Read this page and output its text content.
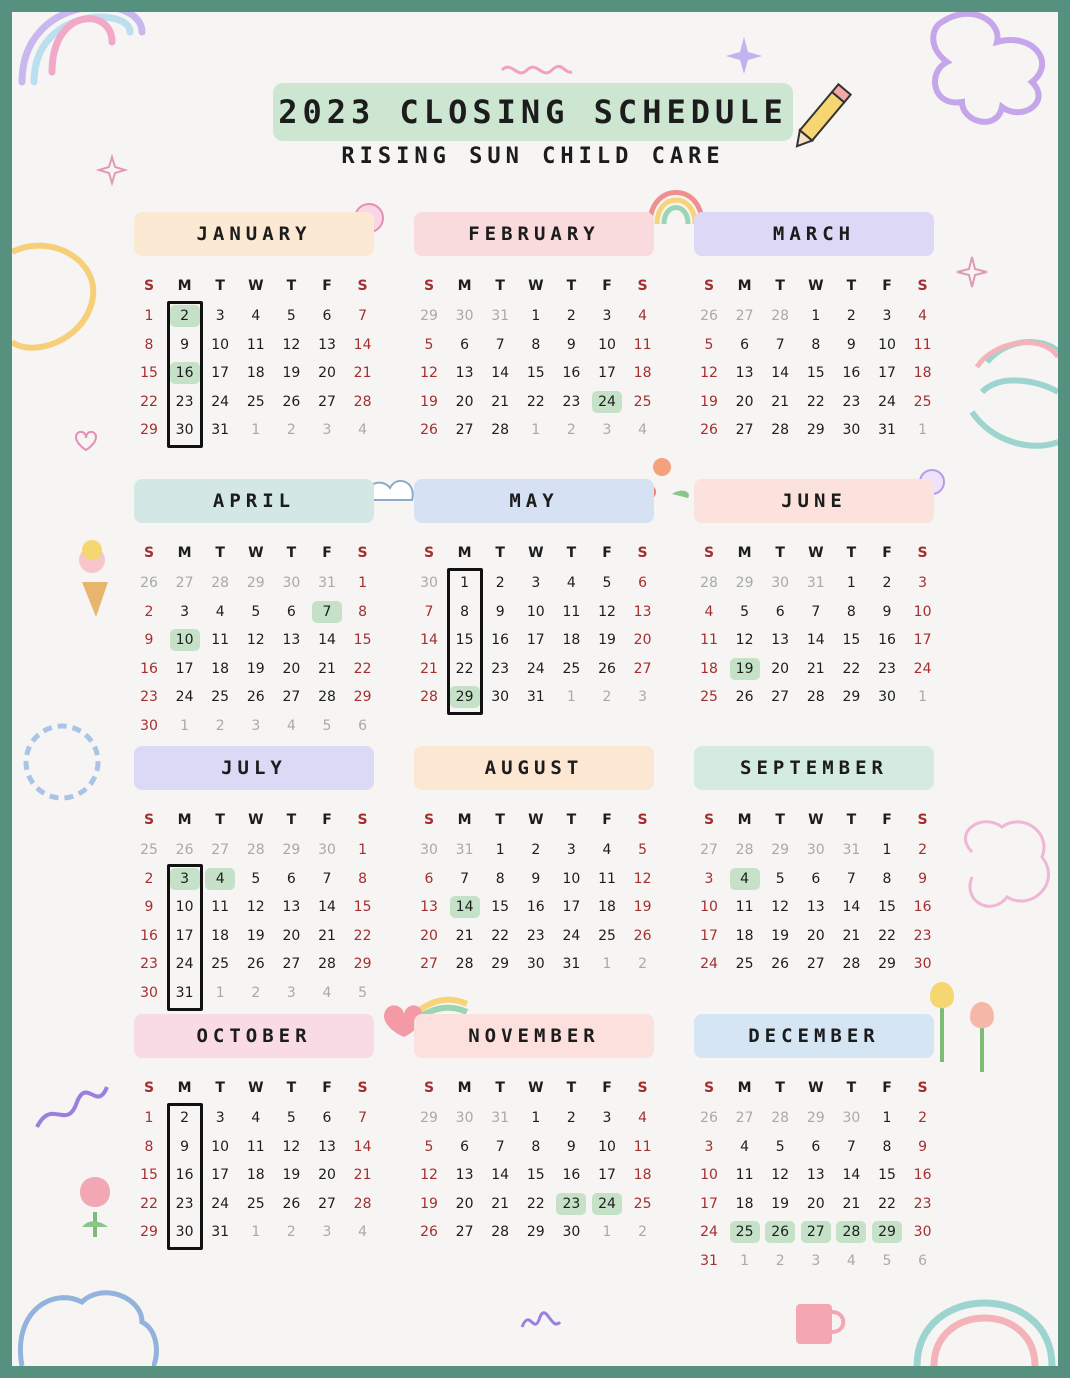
2023 CLOSING SCHEDULE
RISING SUN CHILD CARE
JANUARY
S	M	T	W	T	F	S
1	2	3	4	5	6	7
8	9	10	11	12	13	14
15	16	17	18	19	20	21
22	23	24	25	26	27	28
29	30	31	1	2	3	4
FEBRUARY
S	M	T	W	T	F	S
29	30	31	1	2	3	4
5	6	7	8	9	10	11
12	13	14	15	16	17	18
19	20	21	22	23	24	25
26	27	28	1	2	3	4
MARCH
S	M	T	W	T	F	S
26	27	28	1	2	3	4
5	6	7	8	9	10	11
12	13	14	15	16	17	18
19	20	21	22	23	24	25
26	27	28	29	30	31	1
APRIL
S	M	T	W	T	F	S
26	27	28	29	30	31	1
2	3	4	5	6	7	8
9	10	11	12	13	14	15
16	17	18	19	20	21	22
23	24	25	26	27	28	29
30	1	2	3	4	5	6
MAY
S	M	T	W	T	F	S
30	1	2	3	4	5	6
7	8	9	10	11	12	13
14	15	16	17	18	19	20
21	22	23	24	25	26	27
28	29	30	31	1	2	3
JUNE
S	M	T	W	T	F	S
28	29	30	31	1	2	3
4	5	6	7	8	9	10
11	12	13	14	15	16	17
18	19	20	21	22	23	24
25	26	27	28	29	30	1
JULY
S	M	T	W	T	F	S
25	26	27	28	29	30	1
2	3	4	5	6	7	8
9	10	11	12	13	14	15
16	17	18	19	20	21	22
23	24	25	26	27	28	29
30	31	1	2	3	4	5
AUGUST
S	M	T	W	T	F	S
30	31	1	2	3	4	5
6	7	8	9	10	11	12
13	14	15	16	17	18	19
20	21	22	23	24	25	26
27	28	29	30	31	1	2
SEPTEMBER
S	M	T	W	T	F	S
27	28	29	30	31	1	2
3	4	5	6	7	8	9
10	11	12	13	14	15	16
17	18	19	20	21	22	23
24	25	26	27	28	29	30
OCTOBER
S	M	T	W	T	F	S
1	2	3	4	5	6	7
8	9	10	11	12	13	14
15	16	17	18	19	20	21
22	23	24	25	26	27	28
29	30	31	1	2	3	4
NOVEMBER
S	M	T	W	T	F	S
29	30	31	1	2	3	4
5	6	7	8	9	10	11
12	13	14	15	16	17	18
19	20	21	22	23	24	25
26	27	28	29	30	1	2
DECEMBER
S	M	T	W	T	F	S
26	27	28	29	30	1	2
3	4	5	6	7	8	9
10	11	12	13	14	15	16
17	18	19	20	21	22	23
24	25	26	27	28	29	30
31	1	2	3	4	5	6
